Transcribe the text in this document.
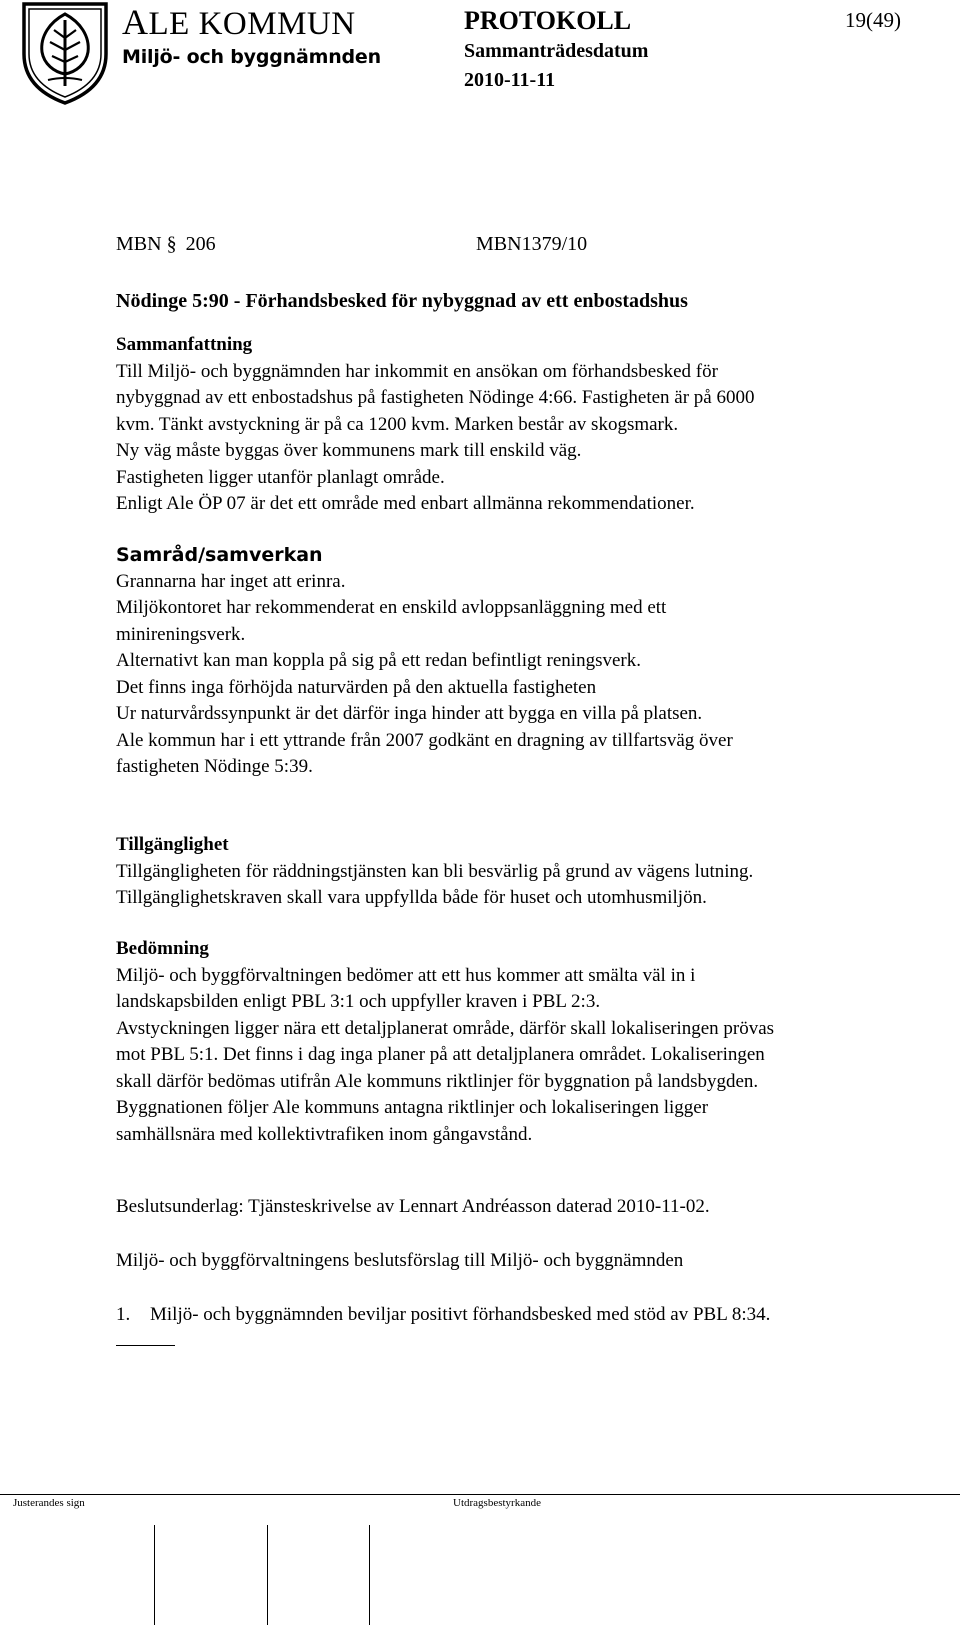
ALE KOMMUN
Miljö- och byggnämnden
PROTOKOLL	19(49)
Sammanträdesdatum
2010-11-11
MBN § 206	MBN1379/10
Nödinge 5:90 - Förhandsbesked för nybyggnad av ett enbostadshus

Sammanfattning

Till Miljö- och byggnämnden har inkommit en ansökan om förhandsbesked för

nybyggnad av ett enbostadshus på fastigheten Nödinge 4:66. Fastigheten är på 6000

kvm. Tänkt avstyckning är på ca 1200 kvm. Marken består av skogsmark.

Ny väg måste byggas över kommunens mark till enskild väg.

Fastigheten ligger utanför planlagt område.

Enligt Ale ÖP 07 är det ett område med enbart allmänna rekommendationer.

Samråd/samverkan

Grannarna har inget att erinra.

Miljökontoret har rekommenderat en enskild avloppsanläggning med ett

minireningsverk.

Alternativt kan man koppla på sig på ett redan befintligt reningsverk.

Det finns inga förhöjda naturvärden på den aktuella fastigheten

Ur naturvårdssynpunkt är det därför inga hinder att bygga en villa på platsen.

Ale kommun har i ett yttrande från 2007 godkänt en dragning av tillfartsväg över

fastigheten Nödinge 5:39.

Tillgänglighet

Tillgängligheten för räddningstjänsten kan bli besvärlig på grund av vägens lutning.

Tillgänglighetskraven skall vara uppfyllda både för huset och utomhusmiljön.

Bedömning

Miljö- och byggförvaltningen bedömer att ett hus kommer att smälta väl in i

landskapsbilden enligt PBL 3:1 och uppfyller kraven i PBL 2:3.

Avstyckningen ligger nära ett detaljplanerat område, därför skall lokaliseringen prövas

mot PBL 5:1. Det finns i dag inga planer på att detaljplanera området. Lokaliseringen

skall därför bedömas utifrån Ale kommuns riktlinjer för byggnation på landsbygden.

Byggnationen följer Ale kommuns antagna riktlinjer och lokaliseringen ligger

samhällsnära med kollektivtrafiken inom gångavstånd.

Beslutsunderlag: Tjänsteskrivelse av Lennart Andréasson daterad 2010-11-02.

Miljö- och byggförvaltningens beslutsförslag till Miljö- och byggnämnden

1. Miljö- och byggnämnden beviljar positivt förhandsbesked med stöd av PBL 8:34.

Justerandes sign	Utdragsbestyrkande
